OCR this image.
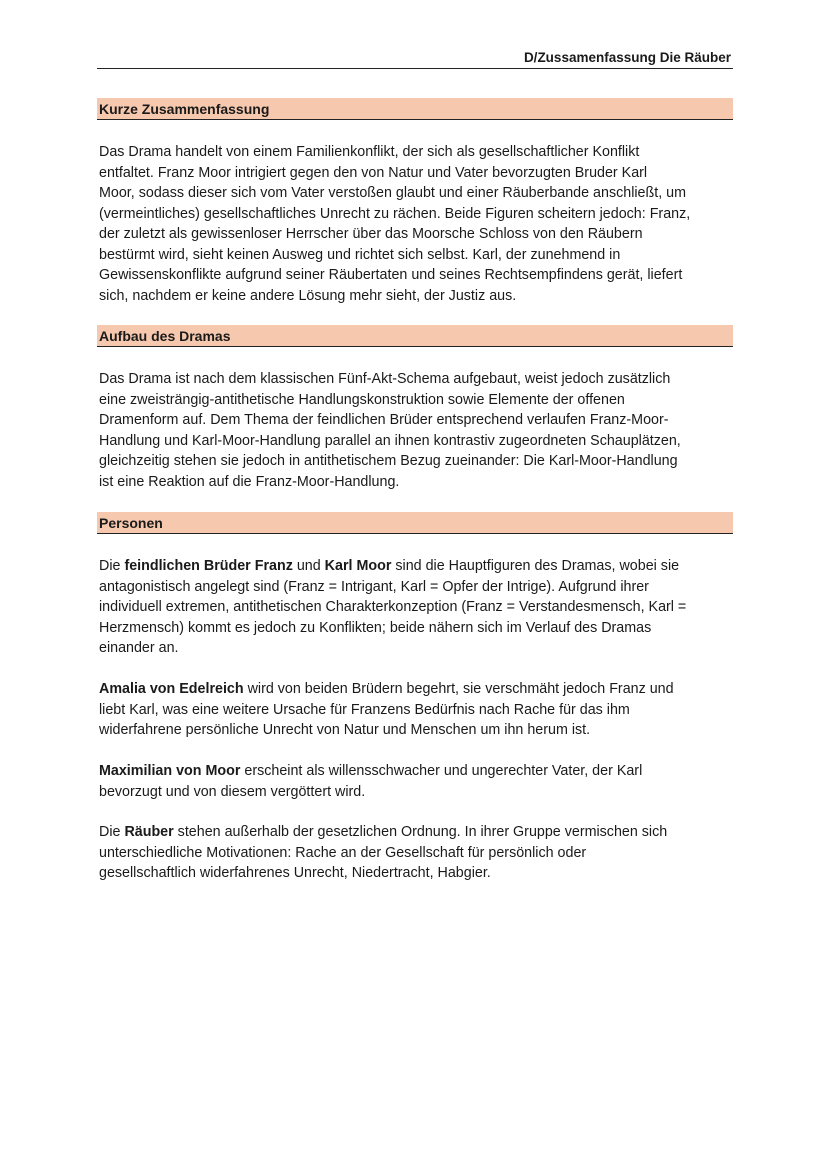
D/Zussamenfassung Die Räuber
Kurze Zusammenfassung
Das Drama handelt von einem Familienkonflikt, der sich als gesellschaftlicher Konflikt
entfaltet. Franz Moor intrigiert gegen den von Natur und Vater bevorzugten Bruder Karl
Moor, sodass dieser sich vom Vater verstoßen glaubt und einer Räuberbande anschließt, um
(vermeintliches) gesellschaftliches Unrecht zu rächen. Beide Figuren scheitern jedoch: Franz,
der zuletzt als gewissenloser Herrscher über das Moorsche Schloss von den Räubern
bestürmt wird, sieht keinen Ausweg und richtet sich selbst. Karl, der zunehmend in
Gewissenskonflikte aufgrund seiner Räubertaten und seines Rechtsempfindens gerät, liefert
sich, nachdem er keine andere Lösung mehr sieht, der Justiz aus.
Aufbau des Dramas
Das Drama ist nach dem klassischen Fünf-Akt-Schema aufgebaut, weist jedoch zusätzlich
eine zweisträngig-antithetische Handlungskonstruktion sowie Elemente der offenen
Dramenform auf. Dem Thema der feindlichen Brüder entsprechend verlaufen Franz-Moor-
Handlung und Karl-Moor-Handlung parallel an ihnen kontrastiv zugeordneten Schauplätzen,
gleichzeitig stehen sie jedoch in antithetischem Bezug zueinander: Die Karl-Moor-Handlung
ist eine Reaktion auf die Franz-Moor-Handlung.
Personen
Die feindlichen Brüder Franz und Karl Moor sind die Hauptfiguren des Dramas, wobei sie
antagonistisch angelegt sind (Franz = Intrigant, Karl = Opfer der Intrige). Aufgrund ihrer
individuell extremen, antithetischen Charakterkonzeption (Franz = Verstandesmensch, Karl =
Herzmensch) kommt es jedoch zu Konflikten; beide nähern sich im Verlauf des Dramas
einander an.
Amalia von Edelreich wird von beiden Brüdern begehrt, sie verschmäht jedoch Franz und
liebt Karl, was eine weitere Ursache für Franzens Bedürfnis nach Rache für das ihm
widerfahrene persönliche Unrecht von Natur und Menschen um ihn herum ist.
Maximilian von Moor erscheint als willensschwacher und ungerechter Vater, der Karl
bevorzugt und von diesem vergöttert wird.
Die Räuber stehen außerhalb der gesetzlichen Ordnung. In ihrer Gruppe vermischen sich
unterschiedliche Motivationen: Rache an der Gesellschaft für persönlich oder
gesellschaftlich widerfahrenes Unrecht, Niedertracht, Habgier.
